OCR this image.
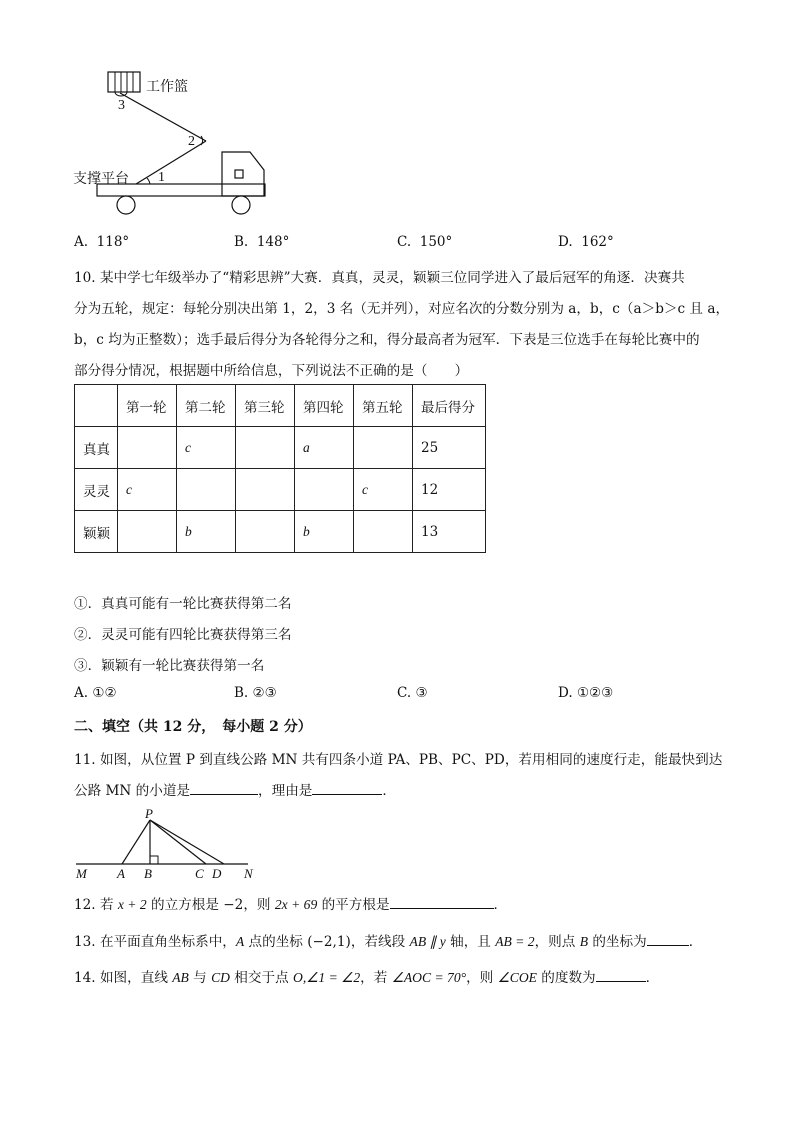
工作篮
支撑平台
3
2
1
A. 118°	B. 148°	C. 150°	D. 162°
10. 某中学七年级举办了“精彩思辨”大赛．真真，灵灵，颖颖三位同学进入了最后冠军的角逐．决赛共
分为五轮，规定：每轮分别决出第 1，2，3 名（无并列），对应名次的分数分别为 a，b，c（a＞b＞c 且 a，
b，c 均为正整数）；选手最后得分为各轮得分之和，得分最高者为冠军．下表是三位选手在每轮比赛中的
部分得分情况，根据题中所给信息，下列说法不正确的是（　　）
	第一轮	第二轮	第三轮	第四轮	第五轮	最后得分
真真		c		a		25
灵灵	c				c	12
颖颖		b		b		13
①．真真可能有一轮比赛获得第二名
②．灵灵可能有四轮比赛获得第三名
③．颖颖有一轮比赛获得第一名
A. ①②	B. ②③	C. ③	D. ①②③
二、填空（共 12 分，　每小题 2 分）
11. 如图，从位置 P 到直线公路 MN 共有四条小道 PA、PB、PC、PD，若用相同的速度行走，能最快到达
公路 MN 的小道是	，理由是	．
P
M A B	C D N
12. 若 x + 2 的立方根是 −2，则 2x + 69 的平方根是	．
13. 在平面直角坐标系中，A 点的坐标 (−2,1)，若线段 AB ∥ y 轴，且 AB = 2，则点 B 的坐标为	．
14. 如图，直线 AB 与 CD 相交于点 O,∠1 = ∠2，若 ∠AOC = 70°，则 ∠COE 的度数为	．
